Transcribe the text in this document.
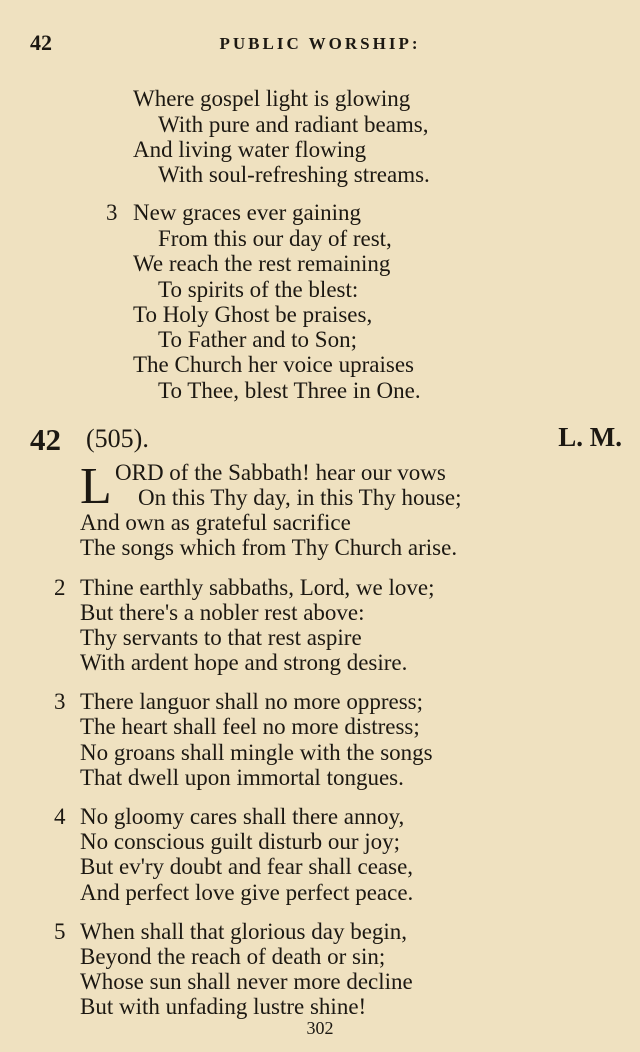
42	PUBLIC WORSHIP:
Where gospel light is glowing
With pure and radiant beams,
And living water flowing
With soul-refreshing streams.
3 New graces ever gaining
From this our day of rest,
We reach the rest remaining
To spirits of the blest:
To Holy Ghost be praises,
To Father and to Son;
The Church her voice upraises
To Thee, blest Three in One.
42 (505).	L. M.
L ORD of the Sabbath! hear our vows
On this Thy day, in this Thy house;
And own as grateful sacrifice
The songs which from Thy Church arise.
2 Thine earthly sabbaths, Lord, we love;
But there's a nobler rest above:
Thy servants to that rest aspire
With ardent hope and strong desire.
3 There languor shall no more oppress;
The heart shall feel no more distress;
No groans shall mingle with the songs
That dwell upon immortal tongues.
4 No gloomy cares shall there annoy,
No conscious guilt disturb our joy;
But ev'ry doubt and fear shall cease,
And perfect love give perfect peace.
5 When shall that glorious day begin,
Beyond the reach of death or sin;
Whose sun shall never more decline
But with unfading lustre shine!
302
